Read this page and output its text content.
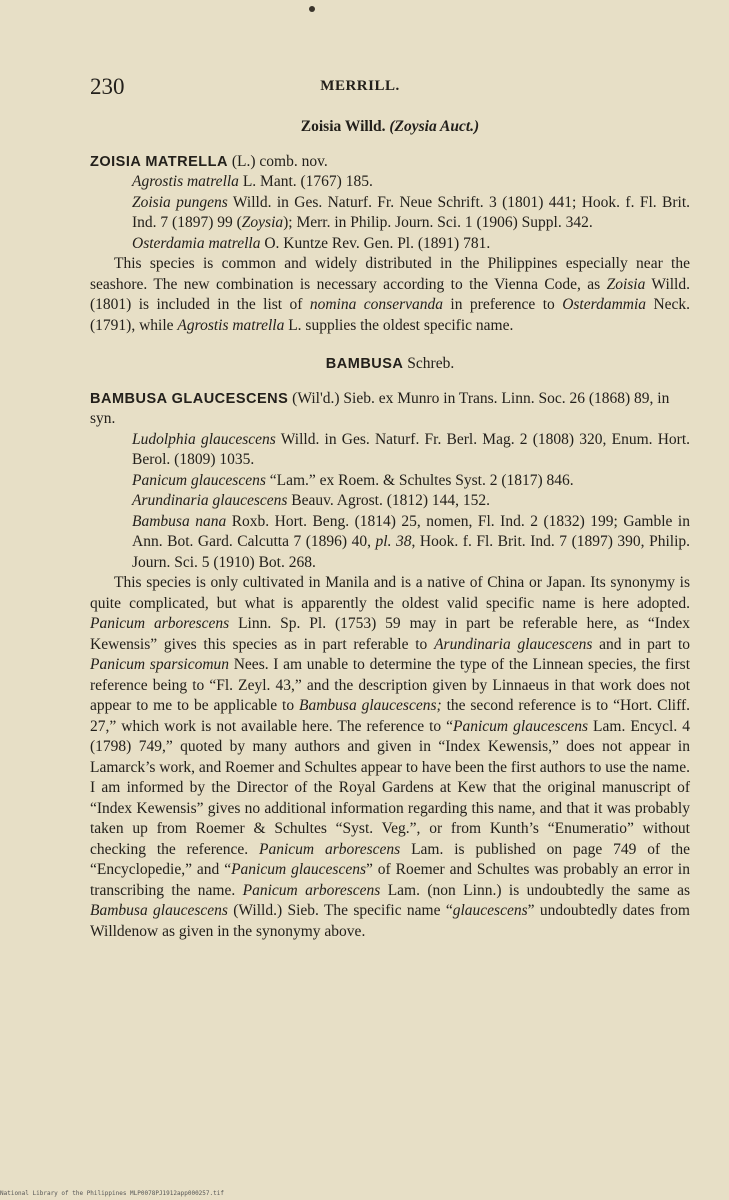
230	MERRILL.

Zoisia Willd. (Zoysia Auct.)

ZOISIA MATRELLA (L.) comb. nov.

Agrostis matrella L. Mant. (1767) 185.

Zoisia pungens Willd. in Ges. Naturf. Fr. Neue Schrift. 3 (1801) 441; Hook. f. Fl. Brit. Ind. 7 (1897) 99 (Zoysia); Merr. in Philip. Journ. Sci. 1 (1906) Suppl. 342.

Osterdamia matrella O. Kuntze Rev. Gen. Pl. (1891) 781.

This species is common and widely distributed in the Philippines especially near the seashore. The new combination is necessary according to the Vienna Code, as Zoisia Willd. (1801) is included in the list of nomina conservanda in preference to Osterdammia Neck. (1791), while Agrostis matrella L. supplies the oldest specific name.

BAMBUSA Schreb.

BAMBUSA GLAUCESCENS (Wil'd.) Sieb. ex Munro in Trans. Linn. Soc. 26 (1868) 89, in syn.

Ludolphia glaucescens Willd. in Ges. Naturf. Fr. Berl. Mag. 2 (1808) 320, Enum. Hort. Berol. (1809) 1035.

Panicum glaucescens “Lam.” ex Roem. & Schultes Syst. 2 (1817) 846.

Arundinaria glaucescens Beauv. Agrost. (1812) 144, 152.

Bambusa nana Roxb. Hort. Beng. (1814) 25, nomen, Fl. Ind. 2 (1832) 199; Gamble in Ann. Bot. Gard. Calcutta 7 (1896) 40, pl. 38, Hook. f. Fl. Brit. Ind. 7 (1897) 390, Philip. Journ. Sci. 5 (1910) Bot. 268.

This species is only cultivated in Manila and is a native of China or Japan. Its synonymy is quite complicated, but what is apparently the oldest valid specific name is here adopted. Panicum arborescens Linn. Sp. Pl. (1753) 59 may in part be referable here, as “Index Kewensis” gives this species as in part referable to Arundinaria glaucescens and in part to Panicum sparsicomun Nees. I am unable to determine the type of the Linnean species, the first reference being to “Fl. Zeyl. 43,” and the description given by Linnaeus in that work does not appear to me to be applicable to Bambusa glaucescens; the second reference is to “Hort. Cliff. 27,” which work is not available here. The reference to “Panicum glaucescens Lam. Encycl. 4 (1798) 749,” quoted by many authors and given in “Index Kewensis,” does not appear in Lamarck’s work, and Roemer and Schultes appear to have been the first authors to use the name. I am informed by the Director of the Royal Gardens at Kew that the original manuscript of “Index Kewensis” gives no additional information regarding this name, and that it was probably taken up from Roemer & Schultes “Syst. Veg.”, or from Kunth’s “Enumeratio” without checking the reference. Panicum arborescens Lam. is published on page 749 of the “Encyclopedie,” and “Panicum glaucescens” of Roemer and Schultes was probably an error in transcribing the name. Panicum arborescens Lam. (non Linn.) is undoubtedly the same as Bambusa glaucescens (Willd.) Sieb. The specific name “glaucescens” undoubtedly dates from Willdenow as given in the synonymy above.

National Library of the Philippines MLP0078PJ1912app000257.tif
